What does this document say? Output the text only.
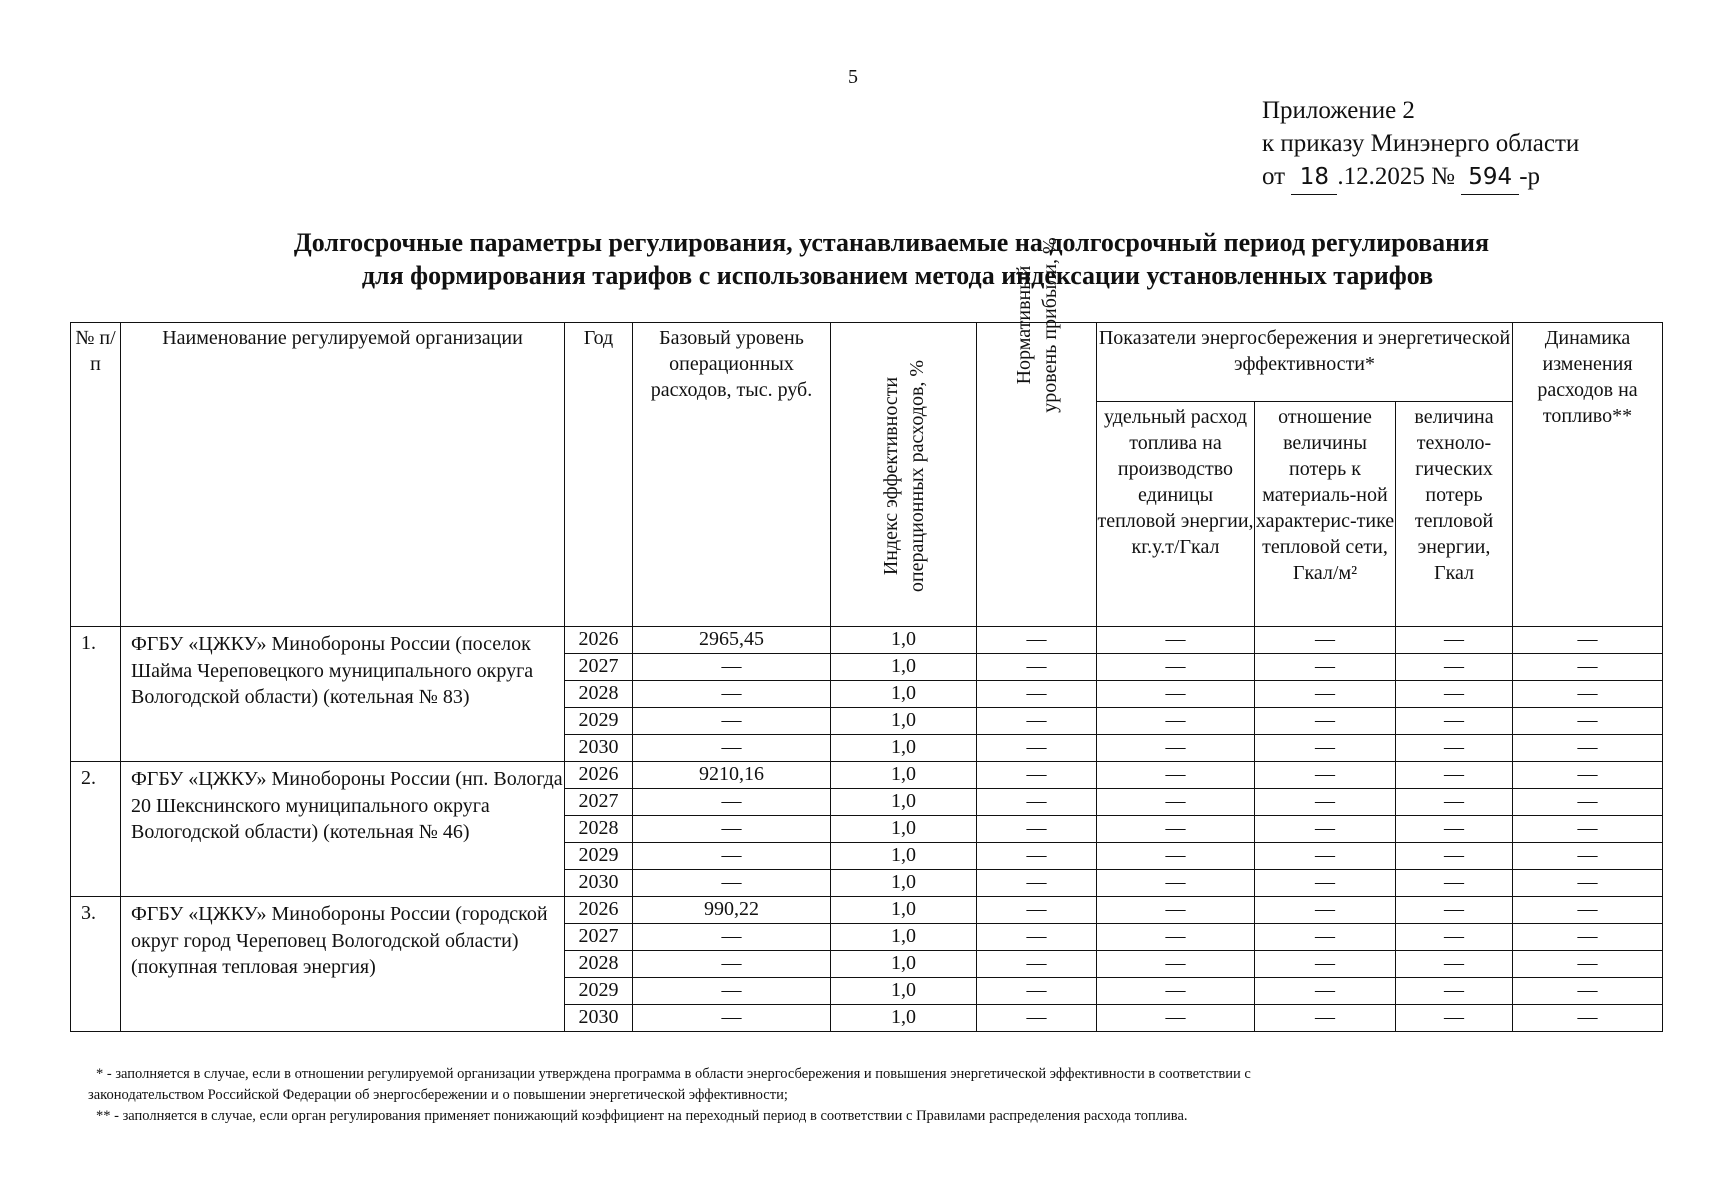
5
Приложение 2
к приказу Минэнерго области
от 18 .12.2025 № 594 -р
Долгосрочные параметры регулирования, устанавливаемые на долгосрочный период регулирования
для формирования тарифов с использованием метода индексации установленных тарифов
№ п/п	Наименование регулируемой организации	Год	Базовый уровень операционных расходов, тыс. руб.	Индекс эффективности операционных расходов, %	Нормативный уровень прибыли, %	Показатели энергосбережения и энергетической эффективности*			Динамика изменения расходов на топливо**
						удельный расход топлива на производство единицы тепловой энергии, кг.у.т/Гкал	отношение величины потерь к материаль-ной характерис-тике тепловой сети, Гкал/м²	величина техноло-гических потерь тепловой энергии, Гкал	
1.	ФГБУ «ЦЖКУ» Минобороны России (поселок Шайма Череповецкого муниципального округа Вологодской области) (котельная № 83)	2026	2965,45	1,0	—	—	—	—	—
		2027	—	1,0	—	—	—	—	—
		2028	—	1,0	—	—	—	—	—
		2029	—	1,0	—	—	—	—	—
		2030	—	1,0	—	—	—	—	—
2.	ФГБУ «ЦЖКУ» Минобороны России (нп. Вологда 20 Шекснинского муниципального округа Вологодской области) (котельная № 46)	2026	9210,16	1,0	—	—	—	—	—
		2027	—	1,0	—	—	—	—	—
		2028	—	1,0	—	—	—	—	—
		2029	—	1,0	—	—	—	—	—
		2030	—	1,0	—	—	—	—	—
3.	ФГБУ «ЦЖКУ» Минобороны России (городской округ город Череповец Вологодской области) (покупная тепловая энергия)	2026	990,22	1,0	—	—	—	—	—
		2027	—	1,0	—	—	—	—	—
		2028	—	1,0	—	—	—	—	—
		2029	—	1,0	—	—	—	—	—
		2030	—	1,0	—	—	—	—	—
* - заполняется в случае, если в отношении регулируемой организации утверждена программа в области энергосбережения и повышения энергетической эффективности в соответствии с
законодательством Российской Федерации об энергосбережении и о повышении энергетической эффективности;
** - заполняется в случае, если орган регулирования применяет понижающий коэффициент на переходный период в соответствии с Правилами распределения расхода топлива.
